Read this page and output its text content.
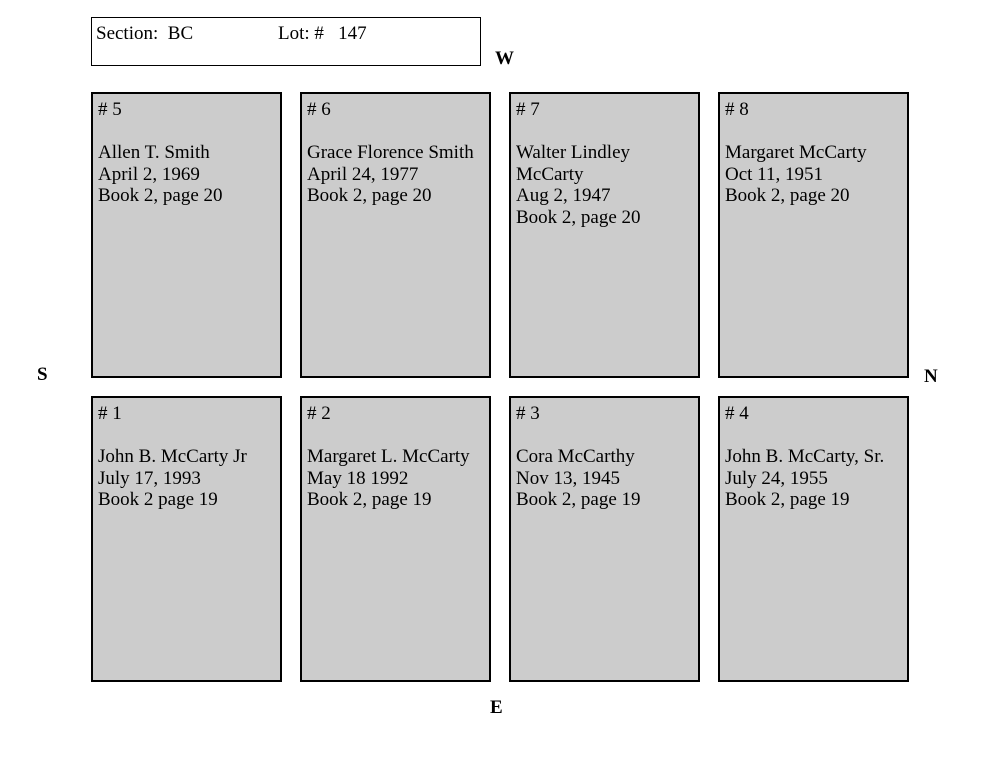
Section:  BC	Lot: #   147
W
S	N
E
# 5
Allen T. Smith
April 2, 1969
Book 2, page 20
# 6
Grace Florence Smith
April 24, 1977
Book 2, page 20
# 7
Walter Lindley
McCarty
Aug 2, 1947
Book 2, page 20
# 8
Margaret McCarty
Oct 11, 1951
Book 2, page 20
# 1
John B. McCarty Jr
July 17, 1993
Book 2 page 19
# 2
Margaret L. McCarty
May 18 1992
Book 2, page 19
# 3
Cora McCarthy
Nov 13, 1945
Book 2, page 19
# 4
John B. McCarty, Sr.
July 24, 1955
Book 2, page 19
